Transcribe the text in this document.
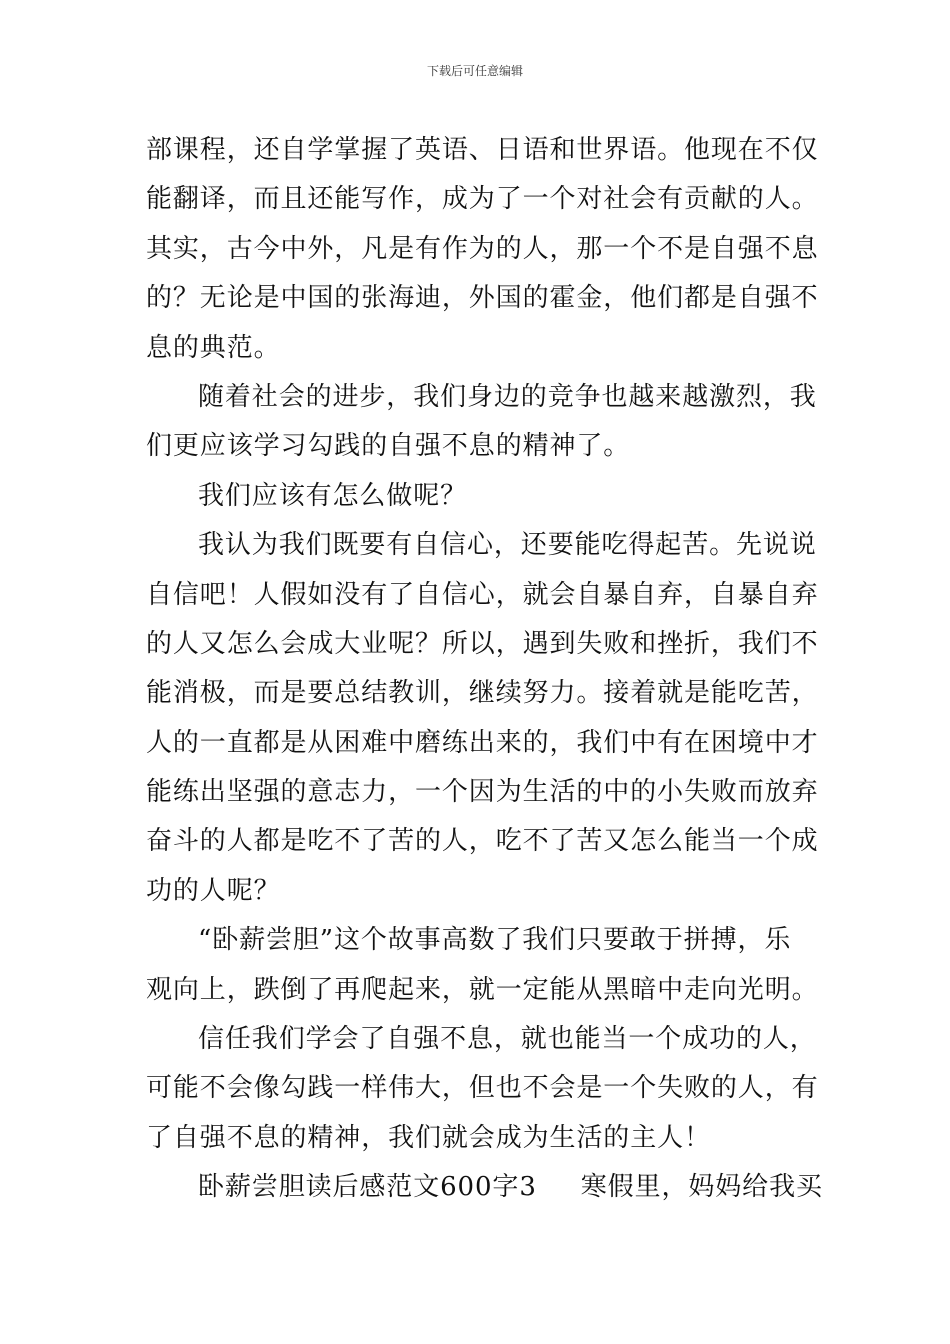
下载后可任意编辑
部课程，还自学掌握了英语、日语和世界语。他现在不仅
能翻译，而且还能写作，成为了一个对社会有贡献的人。
其实，古今中外，凡是有作为的人，那一个不是自强不息
的？无论是中国的张海迪，外国的霍金，他们都是自强不
息的典范。
随着社会的进步，我们身边的竞争也越来越激烈，我
们更应该学习勾践的自强不息的精神了。
我们应该有怎么做呢？
我认为我们既要有自信心，还要能吃得起苦。先说说
自信吧！人假如没有了自信心，就会自暴自弃，自暴自弃
的人又怎么会成大业呢？所以，遇到失败和挫折，我们不
能消极，而是要总结教训，继续努力。接着就是能吃苦，
人的一直都是从困难中磨练出来的，我们中有在困境中才
能练出坚强的意志力，一个因为生活的中的小失败而放弃
奋斗的人都是吃不了苦的人，吃不了苦又怎么能当一个成
功的人呢？
“卧薪尝胆”这个故事高数了我们只要敢于拼搏，乐
观向上，跌倒了再爬起来，就一定能从黑暗中走向光明。
信任我们学会了自强不息，就也能当一个成功的人，
可能不会像勾践一样伟大，但也不会是一个失败的人，有
了自强不息的精神，我们就会成为生活的主人！
卧薪尝胆读后感范文600字3 寒假里，妈妈给我买
